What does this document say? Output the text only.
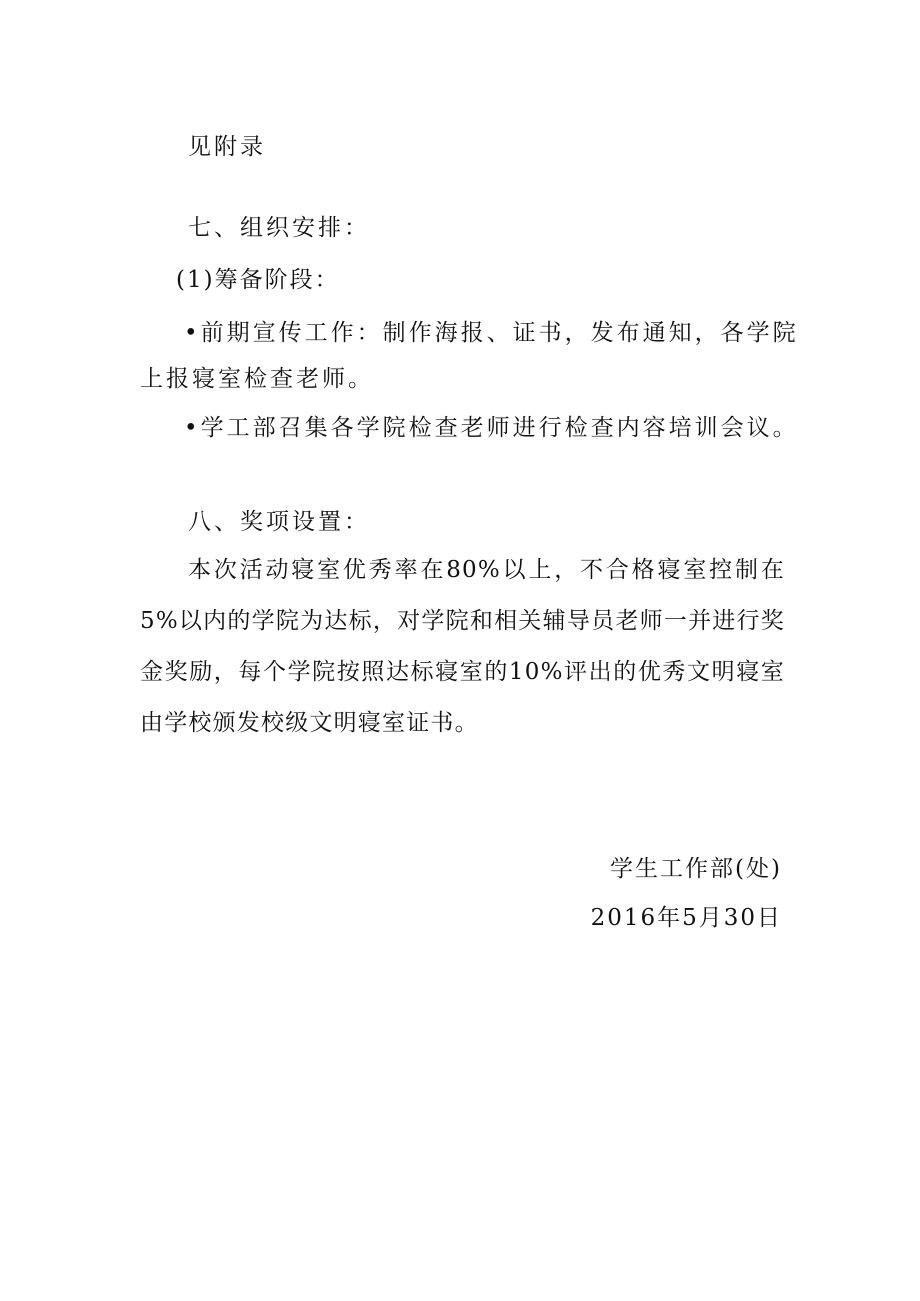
见附录
七、组织安排：
(1)筹备阶段：
•前期宣传工作：制作海报、证书，发布通知，各学院
上报寝室检查老师。
•学工部召集各学院检查老师进行检查内容培训会议。
八、奖项设置：
本次活动寝室优秀率在80%以上，不合格寝室控制在5%以内的学院为达标，对学院和相关辅导员老师一并进行奖金奖励，每个学院按照达标寝室的10%评出的优秀文明寝室由学校颁发校级文明寝室证书。
学生工作部(处)
2016年5月30日
